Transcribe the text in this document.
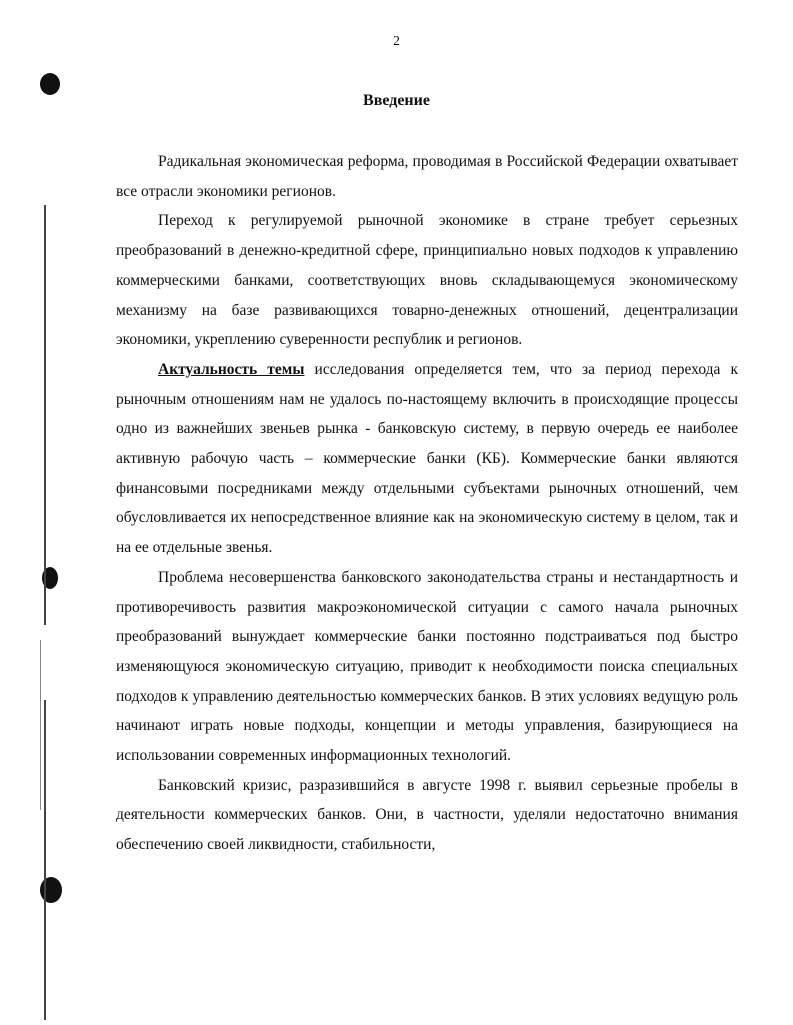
2
Введение

Радикальная экономическая реформа, проводимая в Российской Федерации охватывает все отрасли экономики регионов.

Переход к регулируемой рыночной экономике в стране требует серьезных преобразований в денежно-кредитной сфере, принципиально новых подходов к управлению коммерческими банками, соответствующих вновь складывающемуся экономическому механизму на базе развивающихся товарно-денежных отношений, децентрализации экономики, укреплению суверенности республик и регионов.

Актуальность темы исследования определяется тем, что за период перехода к рыночным отношениям нам не удалось по-настоящему включить в происходящие процессы одно из важнейших звеньев рынка - банковскую систему, в первую очередь ее наиболее активную рабочую часть – коммерческие банки (КБ). Коммерческие банки являются финансовыми посредниками между отдельными субъектами рыночных отношений, чем обусловливается их непосредственное влияние как на экономическую систему в целом, так и на ее отдельные звенья.

Проблема несовершенства банковского законодательства страны и нестандартность и противоречивость развития макроэкономической ситуации с самого начала рыночных преобразований вынуждает коммерческие банки постоянно подстраиваться под быстро изменяющуюся экономическую ситуацию, приводит к необходимости поиска специальных подходов к управлению деятельностью коммерческих банков. В этих условиях ведущую роль начинают играть новые подходы, концепции и методы управления, базирующиеся на использовании современных информационных технологий.

Банковский кризис, разразившийся в августе 1998 г. выявил серьезные пробелы в деятельности коммерческих банков. Они, в частности, уделяли недостаточно внимания обеспечению своей ликвидности, стабильности,
